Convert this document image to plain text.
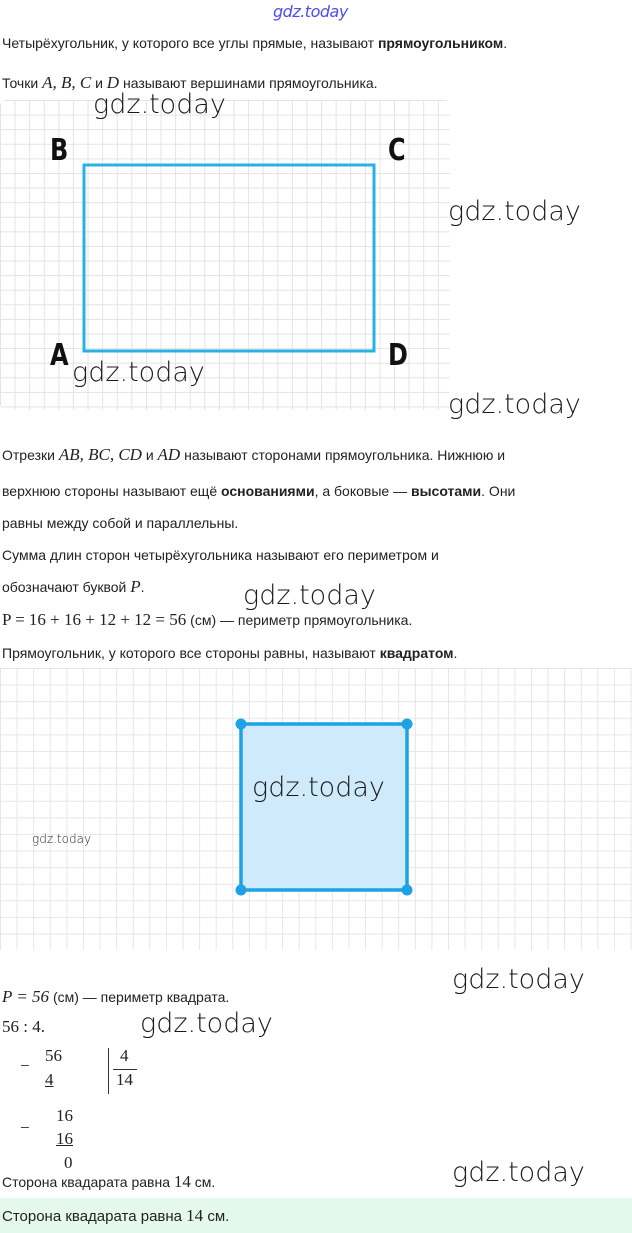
gdz.today
Четырёхугольник, у которого все углы прямые, называют прямоугольником.
Точки A, B, C и D называют вершинами прямоугольника.
B	C
A	D
Отрезки AB, BC, CD и AD называют сторонами прямоугольника. Нижнюю и
верхнюю стороны называют ещё основаниями, а боковые — высотами. Они
равны между собой и параллельны.
Сумма длин сторон четырёхугольника называют его периметром и
обозначают буквой P.
P = 16 + 16 + 12 + 12 = 56 (см) — периметр прямоугольника.
Прямоугольник, у которого все стороны равны, называют квадратом.
P = 56 (см) — периметр квадрата.
56 : 4.
−
56
4
4
14
−
16
16
0
Сторона квадарата равна 14 см.
Сторона квадарата равна 14 см.
gdz.today
gdz.today
gdz.today
gdz.today
gdz.today
gdz.today
gdz.today
gdz.today
gdz.today
gdz.today
